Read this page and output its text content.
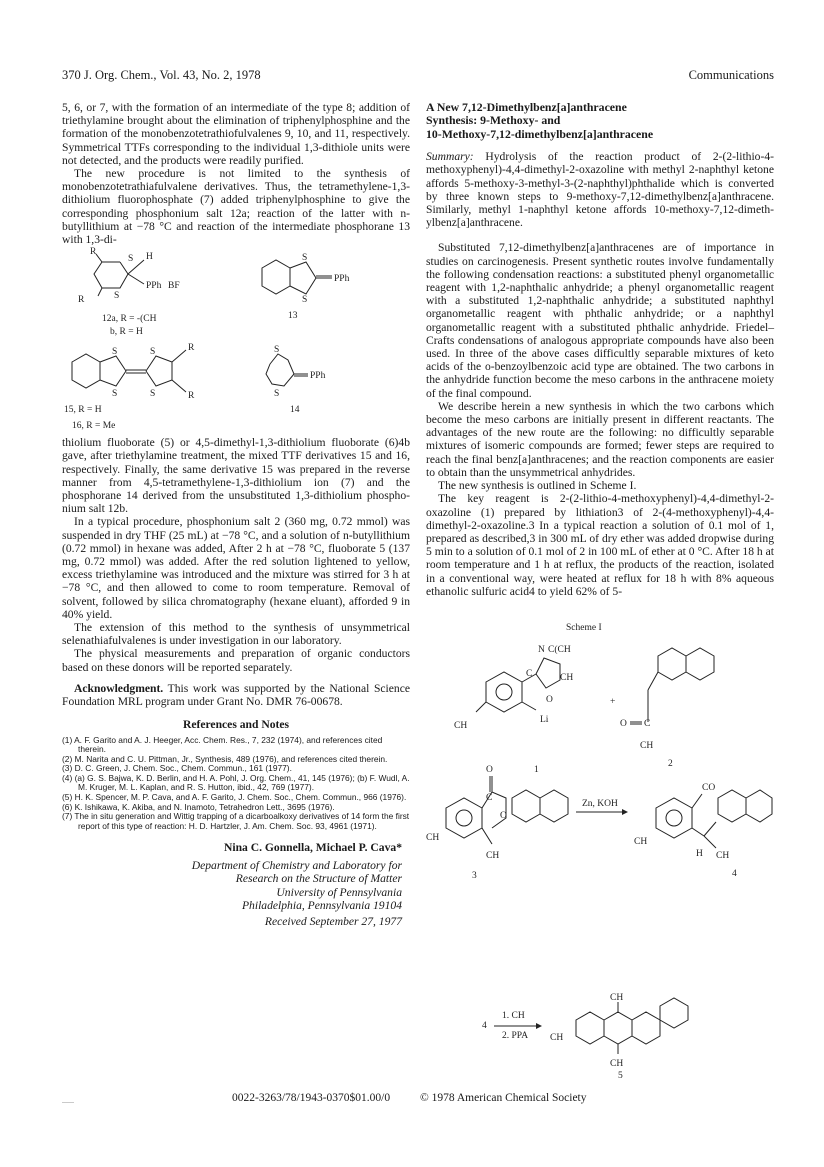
370 J. Org. Chem., Vol. 43, No. 2, 1978	Communications

5, 6, or 7, with the formation of an intermediate of the type 8; addition of triethylamine brought about the elimination of triphenylphosphine and the formation of the monobenzotetrathiofulvalenes 9, 10, and 11, respectively. Symmetrical TTFs corresponding to the individual 1,3-dithiole units were not detected, and the products were readily purified.

The new procedure is not limited to the synthesis of monobenzotetrathiafulvalene derivatives. Thus, the tetramethylene-1,3-dithiolium fluorophosphate (7) added triphenylphosphine to give the corresponding phosphonium salt 12a; reaction of the latter with n-butyllithium at −78 °C and reaction of the intermediate phosphorane 13 with 1,3-di-

R
S H
PPh BF
R	S
12a, R = -(CH
b, R = H
S
S
PPh
13
S
S
S
S
R
R
15, R = H
16, R = Me
S
S
PPh
14

thiolium fluoborate (5) or 4,5-dimethyl-1,3-dithiolium fluoborate (6)4b gave, after triethylamine treatment, the mixed TTF derivatives 15 and 16, respectively. Finally, the same derivative 15 was prepared in the reverse manner from 4,5-tetramethylene-1,3-dithiolium ion (7) and the phosphorane 14 derived from the unsubstituted 1,3-dithiolium phosphonium salt 12b.

In a typical procedure, phosphonium salt 2 (360 mg, 0.72 mmol) was suspended in dry THF (25 mL) at −78 °C, and a solution of n-butyllithium (0.72 mmol) in hexane was added, After 2 h at −78 °C, fluoborate 5 (137 mg, 0.72 mmol) was added. After the red solution lightened to yellow, excess triethylamine was introduced and the mixture was stirred for 3 h at −78 °C, and then allowed to come to room temperature. Removal of solvent, followed by silica chromatography (hexane eluant), afforded 9 in 40% yield.

The extension of this method to the synthesis of unsymmetrical selenathiafulvalenes is under investigation in our laboratory.

The physical measurements and preparation of organic conductors based on these donors will be reported separately.

Acknowledgment. This work was supported by the National Science Foundation MRL program under Grant No. DMR 76-00678.

References and Notes
(1) A. F. Garito and A. J. Heeger, Acc. Chem. Res., 7, 232 (1974), and references cited therein.
(2) M. Narita and C. U. Pittman, Jr., Synthesis, 489 (1976), and references cited therein.
(3) D. C. Green, J. Chem. Soc., Chem. Commun., 161 (1977).
(4) (a) G. S. Bajwa, K. D. Berlin, and H. A. Pohl, J. Org. Chem., 41, 145 (1976); (b) F. Wudl, A. M. Kruger, M. L. Kaplan, and R. S. Hutton, ibid., 42, 769 (1977).
(5) H. K. Spencer, M. P. Cava, and A. F. Garito, J. Chem. Soc., Chem. Commun., 966 (1976).
(6) K. Ishikawa, K. Akiba, and N. Inamoto, Tetrahedron Lett., 3695 (1976).
(7) The in situ generation and Wittig trapping of a dicarboalkoxy derivatives of 14 form the first report of this type of reaction: H. D. Hartzler, J. Am. Chem. Soc. 93, 4961 (1971).
Nina C. Gonnella, Michael P. Cava*
Department of Chemistry and Laboratory for
Research on the Structure of Matter
University of Pennsylvania
Philadelphia, Pennsylvania 19104
Received September 27, 1977
A New 7,12-Dimethylbenz[a]anthracene
Synthesis: 9-Methoxy- and
10-Methoxy-7,12-dimethylbenz[a]anthracene

Summary: Hydrolysis of the reaction product of 2-(2-lithio-4-methoxyphenyl)-4,4-dimethyl-2-oxazoline with methyl 2-naphthyl ketone affords 5-methoxy-3-methyl-3-(2-naphthyl)phthalide which is converted by three known steps to 9-methoxy-7,12-dimethylbenz[a]anthracene. Similarly, methyl 1-naphthyl ketone affords 10-methoxy-7,12-dimethylbenz[a]anthracene.

Substituted 7,12-dimethylbenz[a]anthracenes are of importance in studies on carcinogenesis. Present synthetic routes involve fundamentally the following condensation reactions: a substituted phenyl organometallic reagent with 1,2-naphthalic anhydride; a phenyl organometallic reagent with a substituted 1,2-naphthalic anhydride; a substituted naphthyl organometallic reagent with phthalic anhydride; or a naphthyl organometallic reagent with a substituted phthalic anhydride. Friedel–Crafts condensations of analogous appropriate compounds have also been used. In three of the above cases difficultly separable mixtures of keto acids of the o-benzoylbenzoic acid type are obtained. The two carbons in the anhydride function become the meso carbons in the anthracene moiety of the final compound.

We describe herein a new synthesis in which the two carbons which become the meso carbons are initially present in different reactants. The advantages of the new route are the following: no difficultly separable mixtures of isomeric compounds are formed; fewer steps are required to reach the final benz[a]anthracenes; and the reaction components are easier to obtain than the unsymmetrical anhydrides.

The new synthesis is outlined in Scheme I.

The key reagent is 2-(2-lithio-4-methoxyphenyl)-4,4-dimethyl-2-oxazoline (1) prepared by lithiation3 of 2-(4-methoxyphenyl)-4,4-dimethyl-2-oxazoline.3 In a typical reaction a solution of 0.1 mol of 1, prepared as described,3 in 300 mL of dry ether was added dropwise during 5 min to a solution of 0.1 mol of 2 in 100 mL of ether at 0 °C. After 18 h at room temperature and 1 h at reflux, the products of the reaction, isolated in a conventional way, were heated at reflux for 18 h with 8% aqueous ethanolic sulfuric acid4 to yield 62% of 5-

Scheme I
N C(CH
C
O
CH
CH
Li
1
+
O C
CH
2
O
C
O
CH
CH
3
Zn, KOH
CO
CH
H CH
4
4
1. CH
2. PPA
CH
CH
CH
5
......	0022-3263/78/1943-0370$01.00/0	© 1978 American Chemical Society
